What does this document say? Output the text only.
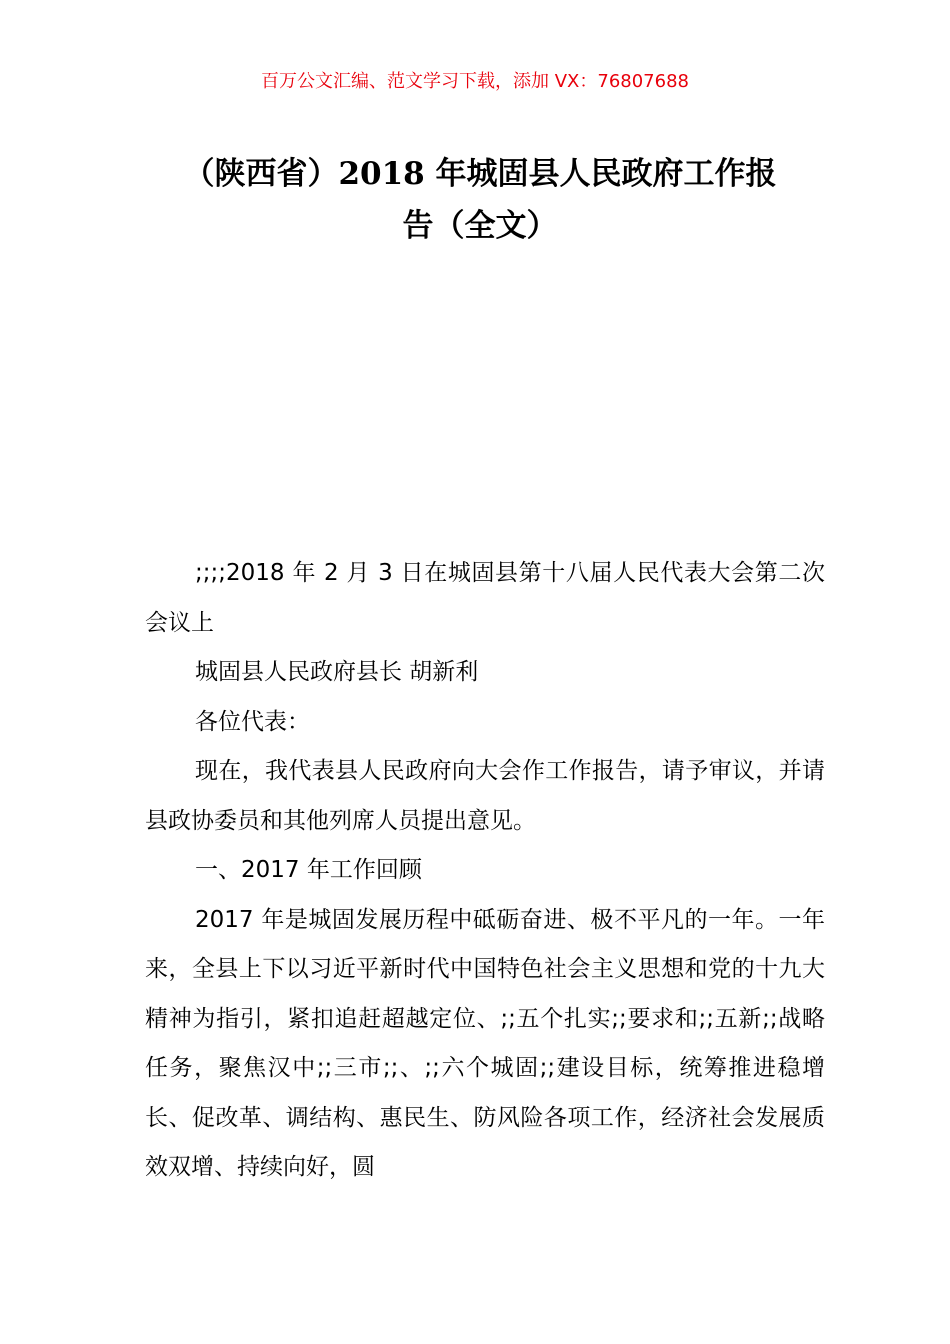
百万公文汇编、范文学习下载，添加 VX：76807688
（陕西省）2018 年城固县人民政府工作报
告（全文）

;;;;2018 年 2 月 3 日在城固县第十八届人民代表大会第二次会议上

城固县人民政府县长 胡新利

各位代表：

现在，我代表县人民政府向大会作工作报告，请予审议，并请县政协委员和其他列席人员提出意见。

一、2017 年工作回顾

2017 年是城固发展历程中砥砺奋进、极不平凡的一年。一年来，全县上下以习近平新时代中国特色社会主义思想和党的十九大精神为指引，紧扣追赶超越定位、;;五个扎实;;要求和;;五新;;战略任务，聚焦汉中;;三市;;、;;六个城固;;建设目标，统筹推进稳增长、促改革、调结构、惠民生、防风险各项工作，经济社会发展质效双增、持续向好，圆
